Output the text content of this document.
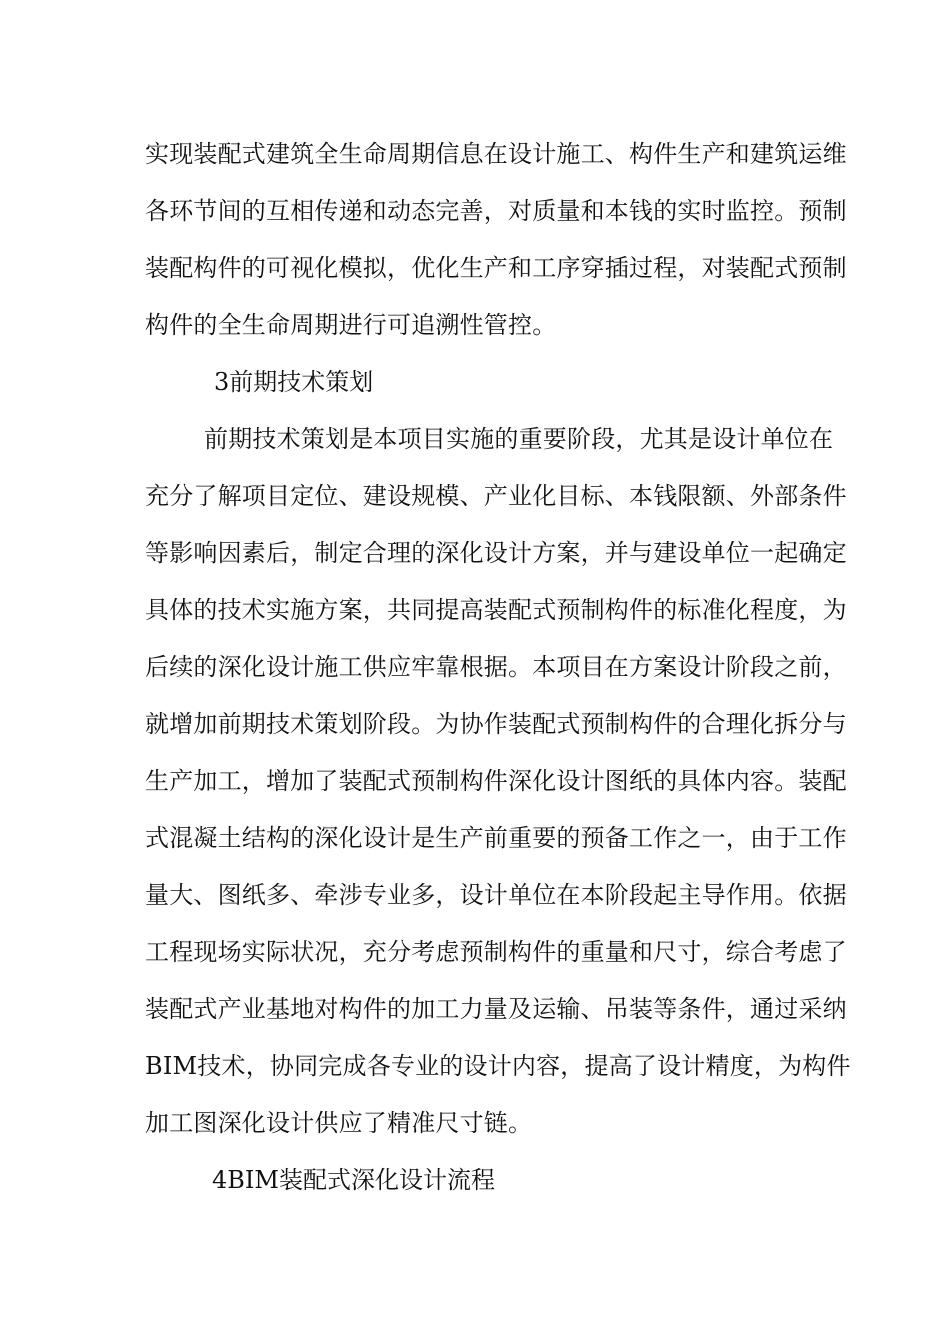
实现装配式建筑全生命周期信息在设计施工、构件生产和建筑运维
各环节间的互相传递和动态完善，对质量和本钱的实时监控。预制
装配构件的可视化模拟，优化生产和工序穿插过程，对装配式预制
构件的全生命周期进行可追溯性管控。
3前期技术策划
前期技术策划是本项目实施的重要阶段，尤其是设计单位在
充分了解项目定位、建设规模、产业化目标、本钱限额、外部条件
等影响因素后，制定合理的深化设计方案，并与建设单位一起确定
具体的技术实施方案，共同提高装配式预制构件的标准化程度，为
后续的深化设计施工供应牢靠根据。本项目在方案设计阶段之前，
就增加前期技术策划阶段。为协作装配式预制构件的合理化拆分与
生产加工，增加了装配式预制构件深化设计图纸的具体内容。装配
式混凝土结构的深化设计是生产前重要的预备工作之一，由于工作
量大、图纸多、牵涉专业多，设计单位在本阶段起主导作用。依据
工程现场实际状况，充分考虑预制构件的重量和尺寸，综合考虑了
装配式产业基地对构件的加工力量及运输、吊装等条件，通过采纳
BIM技术，协同完成各专业的设计内容，提高了设计精度，为构件
加工图深化设计供应了精准尺寸链。
4BIM装配式深化设计流程
